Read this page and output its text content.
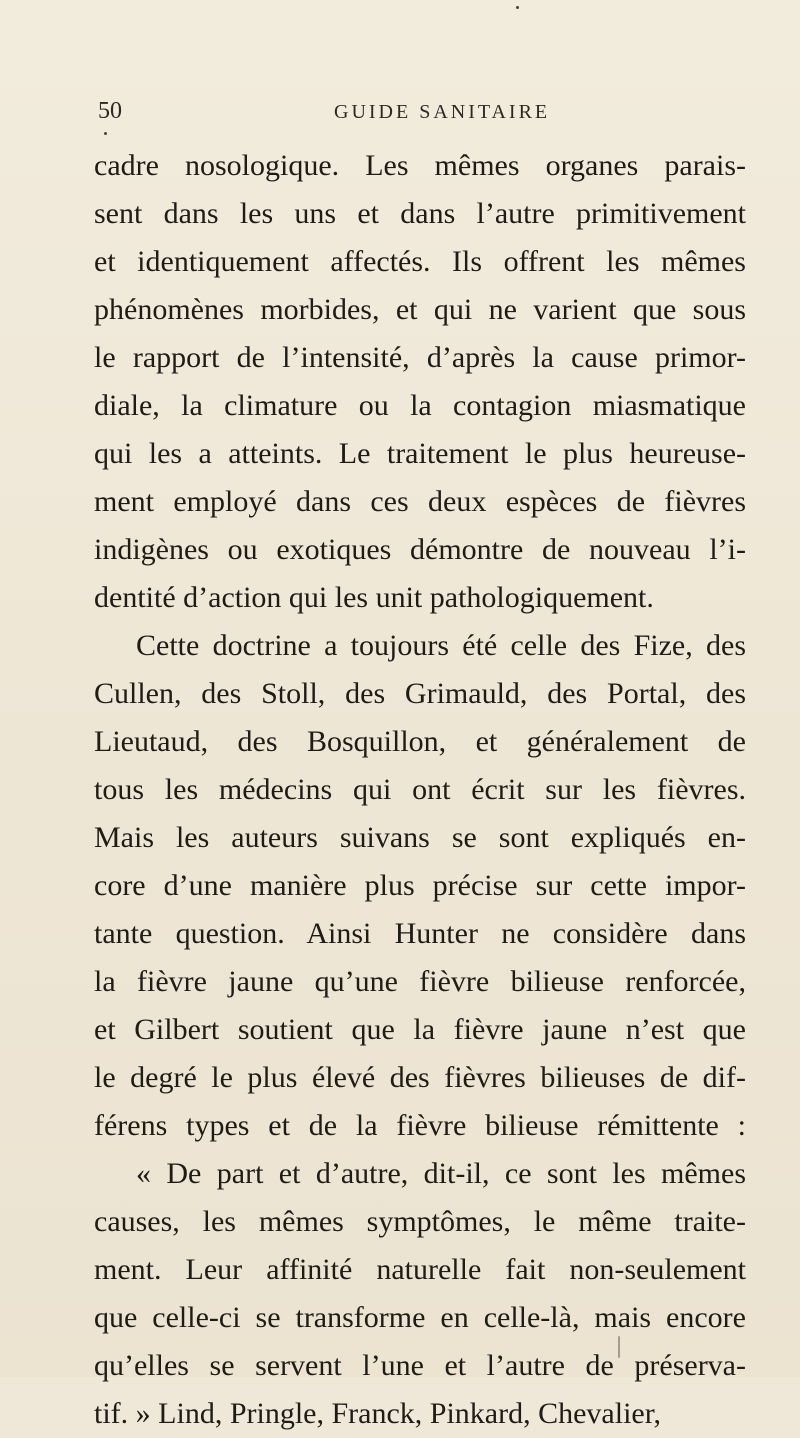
50	GUIDE SANITAIRE
cadre nosologique. Les mêmes organes parais-
sent dans les uns et dans l’autre primitivement
et identiquement affectés. Ils offrent les mêmes
phénomènes morbides, et qui ne varient que sous
le rapport de l’intensité, d’après la cause primor-
diale, la climature ou la contagion miasmatique
qui les a atteints. Le traitement le plus heureuse-
ment employé dans ces deux espèces de fièvres
indigènes ou exotiques démontre de nouveau l’i-
dentité d’action qui les unit pathologiquement.
Cette doctrine a toujours été celle des Fize, des
Cullen, des Stoll, des Grimauld, des Portal, des
Lieutaud, des Bosquillon, et généralement de
tous les médecins qui ont écrit sur les fièvres.
Mais les auteurs suivans se sont expliqués en-
core d’une manière plus précise sur cette impor-
tante question. Ainsi Hunter ne considère dans
la fièvre jaune qu’une fièvre bilieuse renforcée,
et Gilbert soutient que la fièvre jaune n’est que
le degré le plus élevé des fièvres bilieuses de dif-
férens types et de la fièvre bilieuse rémittente :
« De part et d’autre, dit-il, ce sont les mêmes
causes, les mêmes symptômes, le même traite-
ment. Leur affinité naturelle fait non-seulement
que celle-ci se transforme en celle-là, mais encore
qu’elles se servent l’une et l’autre de préserva-
tif. » Lind, Pringle, Franck, Pinkard, Chevalier,
